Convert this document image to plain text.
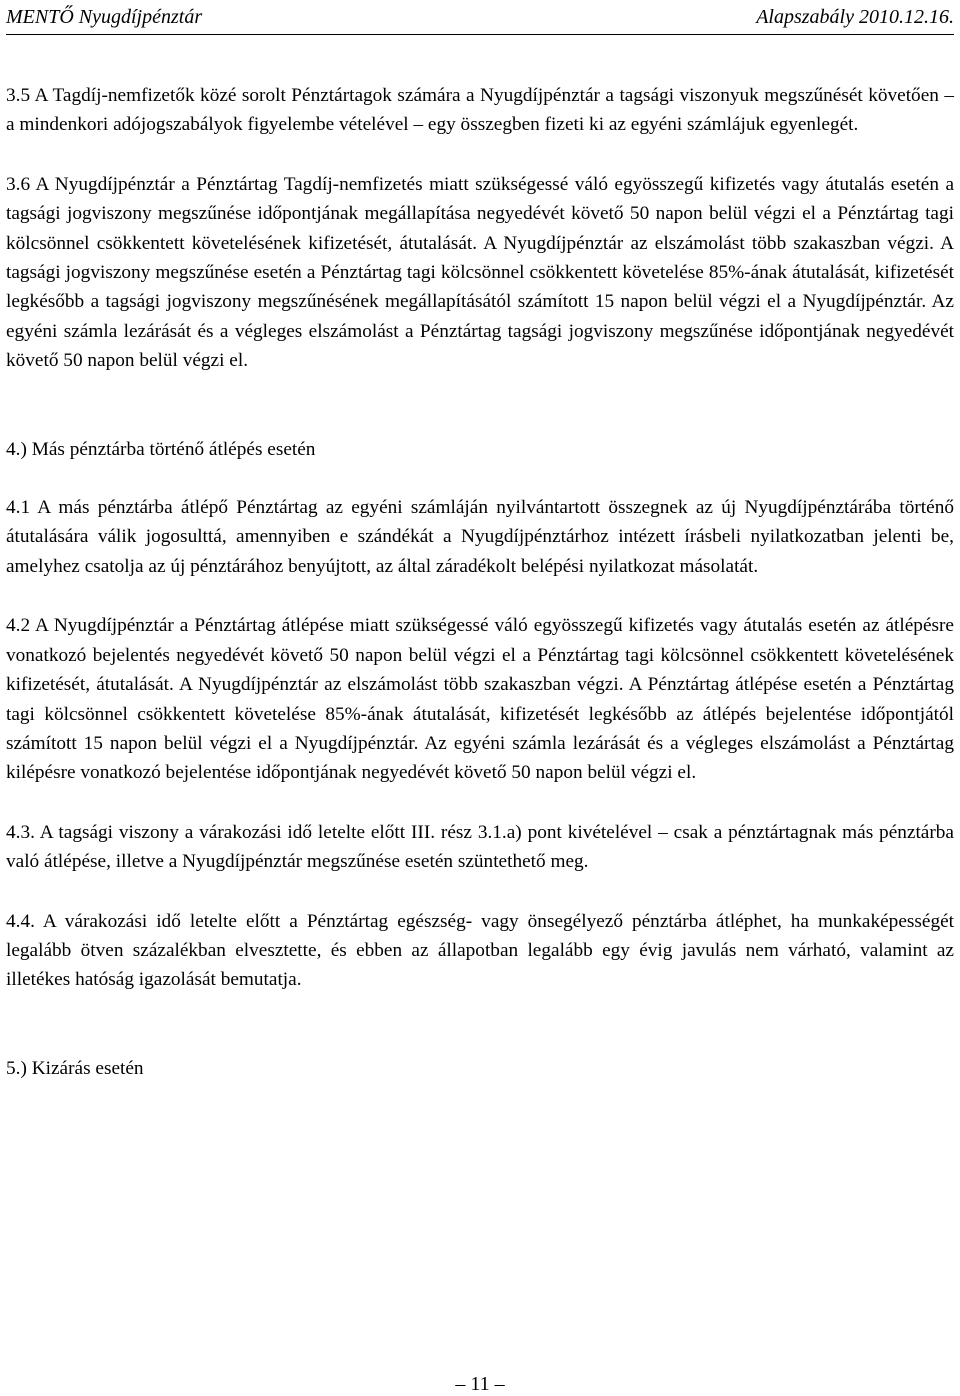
MENTŐ Nyugdíjpénztár	Alapszabály 2010.12.16.

3.5 A Tagdíj-nemfizetők közé sorolt Pénztártagok számára a Nyugdíjpénztár a tagsági viszonyuk megszűnését követően – a mindenkori adójogszabályok figyelembe vételével – egy összegben fizeti ki az egyéni számlájuk egyenlegét.

3.6 A Nyugdíjpénztár a Pénztártag Tagdíj-nemfizetés miatt szükségessé váló egyösszegű kifizetés vagy átutalás esetén a tagsági jogviszony megszűnése időpontjának megállapítása negyedévét követő 50 napon belül végzi el a Pénztártag tagi kölcsönnel csökkentett követelésének kifizetését, átutalását. A Nyugdíjpénztár az elszámolást több szakaszban végzi. A tagsági jogviszony megszűnése esetén a Pénztártag tagi kölcsönnel csökkentett követelése 85%-ának átutalását, kifizetését legkésőbb a tagsági jogviszony megszűnésének megállapításától számított 15 napon belül végzi el a Nyugdíjpénztár. Az egyéni számla lezárását és a végleges elszámolást a Pénztártag tagsági jogviszony megszűnése időpontjának negyedévét követő 50 napon belül végzi el.

4.) Más pénztárba történő átlépés esetén

4.1 A más pénztárba átlépő Pénztártag az egyéni számláján nyilvántartott összegnek az új Nyugdíjpénztárába történő átutalására válik jogosulttá, amennyiben e szándékát a Nyugdíjpénztárhoz intézett írásbeli nyilatkozatban jelenti be, amelyhez csatolja az új pénztárához benyújtott, az által záradékolt belépési nyilatkozat másolatát.

4.2 A Nyugdíjpénztár a Pénztártag átlépése miatt szükségessé váló egyösszegű kifizetés vagy átutalás esetén az átlépésre vonatkozó bejelentés negyedévét követő 50 napon belül végzi el a Pénztártag tagi kölcsönnel csökkentett követelésének kifizetését, átutalását. A Nyugdíjpénztár az elszámolást több szakaszban végzi. A Pénztártag átlépése esetén a Pénztártag tagi kölcsönnel csökkentett követelése 85%-ának átutalását, kifizetését legkésőbb az átlépés bejelentése időpontjától számított 15 napon belül végzi el a Nyugdíjpénztár. Az egyéni számla lezárását és a végleges elszámolást a Pénztártag kilépésre vonatkozó bejelentése időpontjának negyedévét követő 50 napon belül végzi el.

4.3. A tagsági viszony a várakozási idő letelte előtt III. rész 3.1.a) pont kivételével – csak a pénztártagnak más pénztárba való átlépése, illetve a Nyugdíjpénztár megszűnése esetén szüntethető meg.

4.4. A várakozási idő letelte előtt a Pénztártag egészség- vagy önsegélyező pénztárba átléphet, ha munkaképességét legalább ötven százalékban elvesztette, és ebben az állapotban legalább egy évig javulás nem várható, valamint az illetékes hatóság igazolását bemutatja.

5.) Kizárás esetén

– 11 –
